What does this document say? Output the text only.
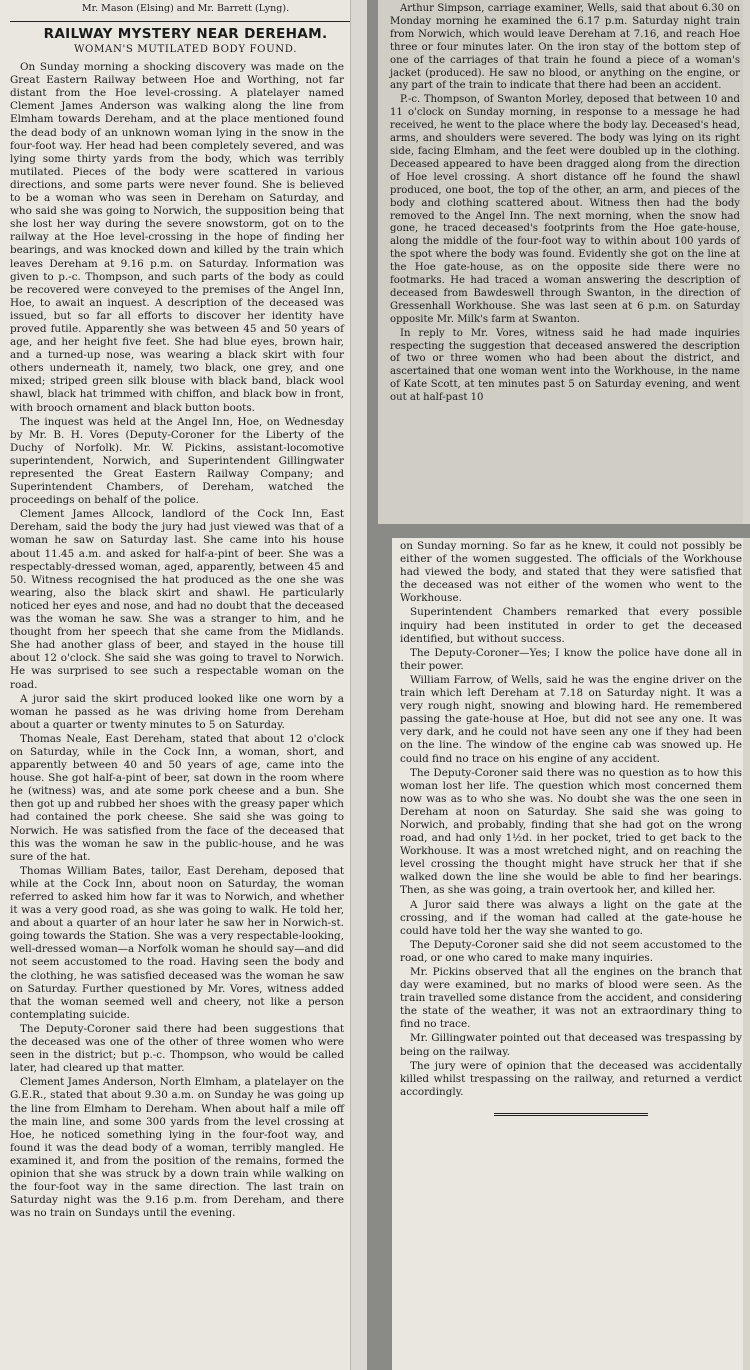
Mr. Mason (Elsing) and Mr. Barrett (Lyng).

RAILWAY MYSTERY NEAR DEREHAM.
WOMAN'S MUTILATED BODY FOUND.

On Sunday morning a shocking discovery was made on the Great Eastern Railway between Hoe and Worthing, not far distant from the Hoe level-crossing. A platelayer named Clement James Anderson was walking along the line from Elmham towards Dereham, and at the place mentioned found the dead body of an unknown woman lying in the snow in the four-foot way. Her head had been completely severed, and was lying some thirty yards from the body, which was terribly mutilated. Pieces of the body were scattered in various directions, and some parts were never found. She is believed to be a woman who was seen in Dereham on Saturday, and who said she was going to Norwich, the supposition being that she lost her way during the severe snowstorm, got on to the railway at the Hoe level-crossing in the hope of finding her bearings, and was knocked down and killed by the train which leaves Dereham at 9.16 p.m. on Saturday. Information was given to p.-c. Thompson, and such parts of the body as could be recovered were conveyed to the premises of the Angel Inn, Hoe, to await an inquest. A description of the deceased was issued, but so far all efforts to discover her identity have proved futile. Apparently she was between 45 and 50 years of age, and her height five feet. She had blue eyes, brown hair, and a turned-up nose, was wearing a black skirt with four others underneath it, namely, two black, one grey, and one mixed; striped green silk blouse with black band, black wool shawl, black hat trimmed with chiffon, and black bow in front, with brooch ornament and black button boots.

The inquest was held at the Angel Inn, Hoe, on Wednesday by Mr. B. H. Vores (Deputy-Coroner for the Liberty of the Duchy of Norfolk). Mr. W. Pickins, assistant-locomotive superintendent, Norwich, and Superintendent Gillingwater represented the Great Eastern Railway Company; and Superintendent Chambers, of Dereham, watched the proceedings on behalf of the police.

Clement James Allcock, landlord of the Cock Inn, East Dereham, said the body the jury had just viewed was that of a woman he saw on Saturday last. She came into his house about 11.45 a.m. and asked for half-a-pint of beer. She was a respectably-dressed woman, aged, apparently, between 45 and 50. Witness recognised the hat produced as the one she was wearing, also the black skirt and shawl. He particularly noticed her eyes and nose, and had no doubt that the deceased was the woman he saw. She was a stranger to him, and he thought from her speech that she came from the Midlands. She had another glass of beer, and stayed in the house till about 12 o'clock. She said she was going to travel to Norwich. He was surprised to see such a respectable woman on the road.

A juror said the skirt produced looked like one worn by a woman he passed as he was driving home from Dereham about a quarter or twenty minutes to 5 on Saturday.

Thomas Neale, East Dereham, stated that about 12 o'clock on Saturday, while in the Cock Inn, a woman, short, and apparently between 40 and 50 years of age, came into the house. She got half-a-pint of beer, sat down in the room where he (witness) was, and ate some pork cheese and a bun. She then got up and rubbed her shoes with the greasy paper which had contained the pork cheese. She said she was going to Norwich. He was satisfied from the face of the deceased that this was the woman he saw in the public-house, and he was sure of the hat.

Thomas William Bates, tailor, East Dereham, deposed that while at the Cock Inn, about noon on Saturday, the woman referred to asked him how far it was to Norwich, and whether it was a very good road, as she was going to walk. He told her, and about a quarter of an hour later he saw her in Norwich-st. going towards the Station. She was a very respectable-looking, well-dressed woman—a Norfolk woman he should say—and did not seem accustomed to the road. Having seen the body and the clothing, he was satisfied deceased was the woman he saw on Saturday. Further questioned by Mr. Vores, witness added that the woman seemed well and cheery, not like a person contemplating suicide.

The Deputy-Coroner said there had been suggestions that the deceased was one of the other of three women who were seen in the district; but p.-c. Thompson, who would be called later, had cleared up that matter.

Clement James Anderson, North Elmham, a platelayer on the G.E.R., stated that about 9.30 a.m. on Sunday he was going up the line from Elmham to Dereham. When about half a mile off the main line, and some 300 yards from the level crossing at Hoe, he noticed something lying in the four-foot way, and found it was the dead body of a woman, terribly mangled. He examined it, and from the position of the remains, formed the opinion that she was struck by a down train while walking on the four-foot way in the same direction. The last train on Saturday night was the 9.16 p.m. from Dereham, and there was no train on Sundays until the evening.

Arthur Simpson, carriage examiner, Wells, said that about 6.30 on Monday morning he examined the 6.17 p.m. Saturday night train from Norwich, which would leave Dereham at 7.16, and reach Hoe three or four minutes later. On the iron stay of the bottom step of one of the carriages of that train he found a piece of a woman's jacket (produced). He saw no blood, or anything on the engine, or any part of the train to indicate that there had been an accident.

P.-c. Thompson, of Swanton Morley, deposed that between 10 and 11 o'clock on Sunday morning, in response to a message he had received, he went to the place where the body lay. Deceased's head, arms, and shoulders were severed. The body was lying on its right side, facing Elmham, and the feet were doubled up in the clothing. Deceased appeared to have been dragged along from the direction of Hoe level crossing. A short distance off he found the shawl produced, one boot, the top of the other, an arm, and pieces of the body and clothing scattered about. Witness then had the body removed to the Angel Inn. The next morning, when the snow had gone, he traced deceased's footprints from the Hoe gate-house, along the middle of the four-foot way to within about 100 yards of the spot where the body was found. Evidently she got on the line at the Hoe gate-house, as on the opposite side there were no footmarks. He had traced a woman answering the description of deceased from Bawdeswell through Swanton, in the direction of Gressenhall Workhouse. She was last seen at 6 p.m. on Saturday opposite Mr. Milk's farm at Swanton.

In reply to Mr. Vores, witness said he had made inquiries respecting the suggestion that deceased answered the description of two or three women who had been about the district, and ascertained that one woman went into the Workhouse, in the name of Kate Scott, at ten minutes past 5 on Saturday evening, and went out at half-past 10

on Sunday morning. So far as he knew, it could not possibly be either of the women suggested. The officials of the Workhouse had viewed the body, and stated that they were satisfied that the deceased was not either of the women who went to the Workhouse.

Superintendent Chambers remarked that every possible inquiry had been instituted in order to get the deceased identified, but without success.

The Deputy-Coroner—Yes; I know the police have done all in their power.

William Farrow, of Wells, said he was the engine driver on the train which left Dereham at 7.18 on Saturday night. It was a very rough night, snowing and blowing hard. He remembered passing the gate-house at Hoe, but did not see any one. It was very dark, and he could not have seen any one if they had been on the line. The window of the engine cab was snowed up. He could find no trace on his engine of any accident.

The Deputy-Coroner said there was no question as to how this woman lost her life. The question which most concerned them now was as to who she was. No doubt she was the one seen in Dereham at noon on Saturday. She said she was going to Norwich, and probably, finding that she had got on the wrong road, and had only 1½d. in her pocket, tried to get back to the Workhouse. It was a most wretched night, and on reaching the level crossing the thought might have struck her that if she walked down the line she would be able to find her bearings. Then, as she was going, a train overtook her, and killed her.

A Juror said there was always a light on the gate at the crossing, and if the woman had called at the gate-house he could have told her the way she wanted to go.

The Deputy-Coroner said she did not seem accustomed to the road, or one who cared to make many inquiries.

Mr. Pickins observed that all the engines on the branch that day were examined, but no marks of blood were seen. As the train travelled some distance from the accident, and considering the state of the weather, it was not an extraordinary thing to find no trace.

Mr. Gillingwater pointed out that deceased was trespassing by being on the railway.

The jury were of opinion that the deceased was accidentally killed whilst trespassing on the railway, and returned a verdict accordingly.
